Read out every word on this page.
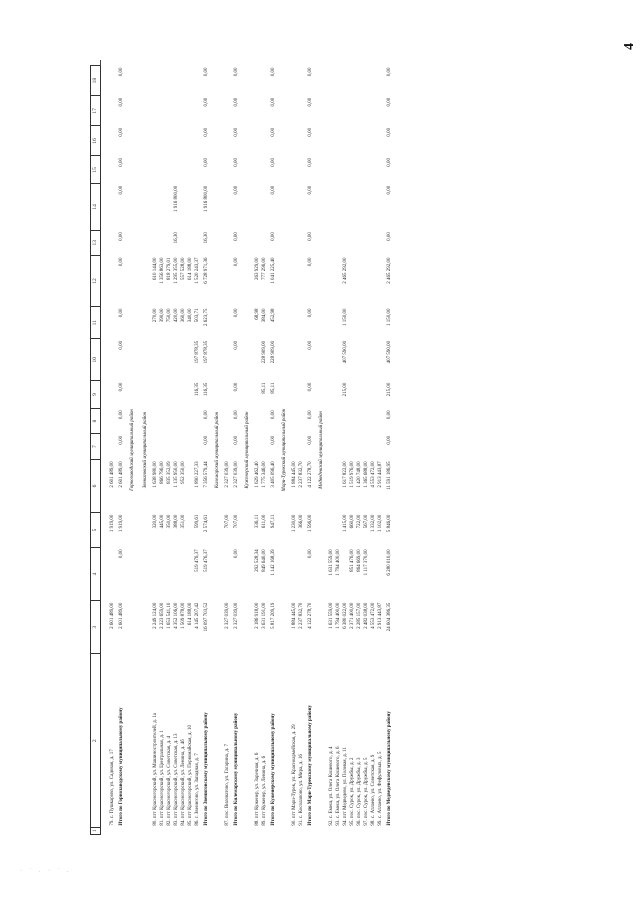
4
1	2	3	4	5	6	7	8	9	10	11	12	13	14	15	16	17	18

	79. с. Пушкарово, ул. Садовая, д. 17	2 601 489,00		1 919,00	2 601 489,00												
	Итого по Горнозаводскому муниципальному району	2 601 489,00	0,00	1 919,00	2 601 489,00	0,00	0,00	0,00	0,00	0,00	0,00	0,00	0,00	0,00	0,00	0,00	0,00
Горнозаводский муниципальный район																	
Звениговский муниципальный район																	
	80. пгт Красногорский, ул. Машиностроителей, д. 1а	2 249 124,00		320,00	1 638 980,00					270,00	610 144,00						
	81. пгт Красногорский, ул. Центральная, д. 1	2 223 659,00		445,00	866 796,00					390,00	1 356 863,00						
	82. пгт Красногорский, ул. Советская, д. 4	1 653 541,10		350,00	835 352,09					750,00	818 279,01						
	83. пгт Красногорский, ул. Советская, д. 13	4 352 106,00		388,00	1 135 950,00					420,00	1 295 355,00	16,30	1 916 800,00				
	84. пгт Красногорский, ул. Ленина, д. 4б	1 509 878,00		351,00	952 350,00					360,00	557 528,00						
	85. пгт Красногорский, ул. Первомайская, д. 10	614 188,00								340,00	614 188,00						
	86. г. Звенигово, ул. Западная, д. 7	4 145 207,42	519 476,37	599,61	1 890 227,33			116,35	197 878,35	503,71	1 520 243,37						
	Итого по Звениговскому муниципальному району	16 097 703,52	519 476,37	2 574,61	7 356 579,44	0,00	0,00	116,35	197 878,35	2 623,75	6 728 971,36	16,30	1 916 800,00	0,00	0,00	0,00	0,00
Килемарский муниципальный район																	
	87. пос. Виловатово, ул. Гагарина, д. 7	2 327 039,00		707,00	2 327 039,00												
	Итого по Килемарскому муниципальному району	2 327 039,00	0,00	707,00	2 327 039,00	0,00	0,00	0,00	0,00	0,00	0,00	0,00	0,00	0,00	0,00	0,00	0,00
Куженерский муниципальный район																	
	88. пгт Куженер, ул. Заречная, д. 6	2 186 918,00	292 528,34	336,11	1 629 462,40					68,98	263 929,00						
	89. пгт Куженер, ул. Ленина, д. 6	3 631 191,00	849 640,00	611,00	1 775 346,00			85,11	228 909,00	384,00	777 296,00						
	Итого по Куженерскому муниципальному району	5 817 209,19	1 142 168,39	947,11	3 405 096,40	0,00	0,00	85,11	228 909,00	452,98	1 041 225,40	0,00	0,00	0,00	0,00	0,00	0,00
Мари-Турекский муниципальный район																	
	90. пгт Мари-Турек, ул. Красноармейская, д. 29	1 884 445,00		1 230,00	1 884 445,00												
	91. с. Косолапово, ул. Мира, д. 16	2 237 832,70		366,00	2 237 832,70												
	Итого по Мари-Турекскому муниципальному району	4 122 278,70	0,00	1 596,00	4 122 278,70	0,00	0,00	0,00	0,00	0,00	0,00	0,00	0,00	0,00	0,00	0,00	0,00
Медведевский муниципальный район																	
	92. с. Емеш, ул. Олега Кошевого, д. 4	1 631 559,00	1 631 559,00														
	93. с. Емеш, ул. Олега Кошевого, д. 6	1 794 400,00	1 794 400,00														
	94. пгт Медведево, ул. Полевая, д. 11	6 380 022,00		1 415,00	1 617 822,00			215,00	407 590,00	1 150,00	2 465 292,00						
	95. пос. Сурок, ул. Дружбы, д. 2	2 371 400,00	851 476,00	660,00	1 519 976,00												
	96. пос. Сурок, ул. Дружбы, д. 3	2 285 157,00	864 669,00	722,00	1 420 748,00												
	97. пос. Сурок, ул. Дружбы, д. 5	2 482 038,00	1 117 370,00	567,00	1 365 688,00												
	98. с. Атлаево, ул. Советская, д. 9	4 553 472,00		1 332,00	4 553 472,00												
	99. с. Атлаево, ул. Фефуловых, д. 5	2 913 443,87		1 102,00	2 913 443,87												
	Итого по Медведевскому муниципальному району	24 604 386,35	6 280 010,00	5 846,00	11 591 186,95	0,00	0,00	215,00	407 590,00	1 150,00	2 465 292,00	0,00	0,00	0,00	0,00	0,00	0,00
· ˙ . · ˙ .
